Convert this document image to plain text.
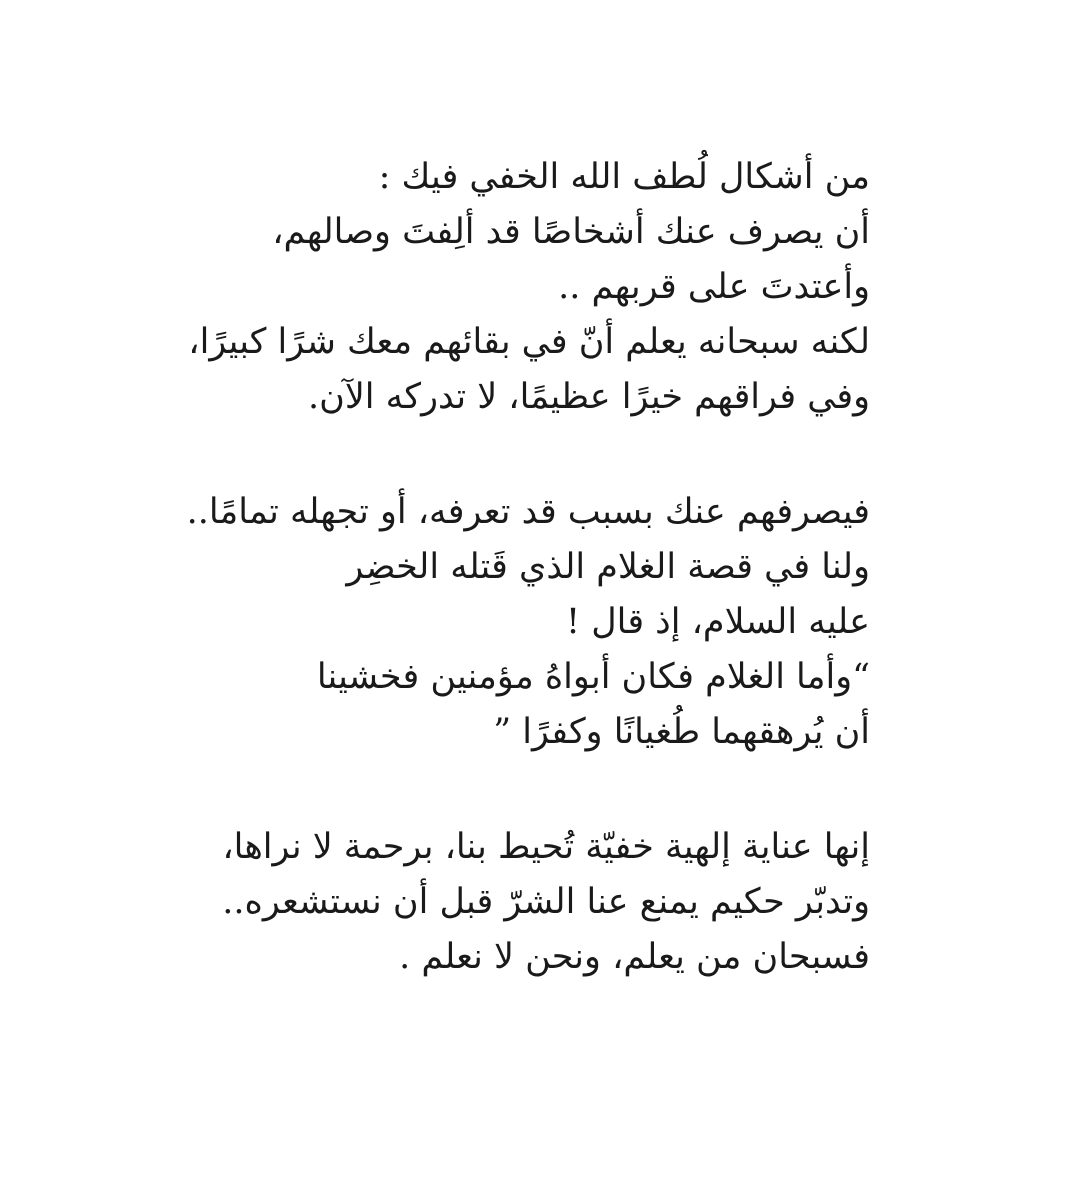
من أشكال لُطف الله الخفي فيك :
أن يصرف عنك أشخاصًا قد ألِفتَ وصالهم،
وأعتدتَ على قربهم ..
لكنه سبحانه يعلم أنّ في بقائهم معك شرًا كبيرًا،
وفي فراقهم خيرًا عظيمًا، لا تدركه الآن.
فيصرفهم عنك بسبب قد تعرفه، أو تجهله تمامًا..
ولنا في قصة الغلام الذي قَتله الخضِر
عليه السلام، إذ قال !
“وأما الغلام فكان أبواهُ مؤمنين فخشينا
أن يُرهقهما طُغيانًا وكفرًا ”
إنها عناية إلهية خفيّة تُحيط بنا، برحمة لا نراها،
وتدبّر حكيم يمنع عنا الشرّ قبل أن نستشعره..
فسبحان من يعلم، ونحن لا نعلم .
